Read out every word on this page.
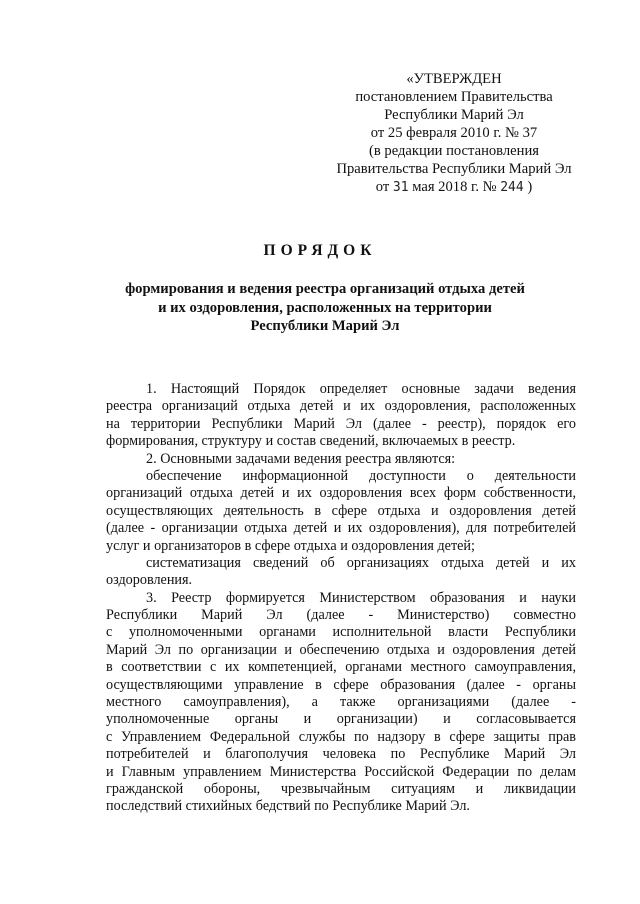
«УТВЕРЖДЕН
постановлением Правительства
Республики Марий Эл
от 25 февраля 2010 г. № 37
(в редакции постановления
Правительства Республики Марий Эл
от 31 мая 2018 г. № 244 )
ПОРЯДОК
формирования и ведения реестра организаций отдыха детей
и их оздоровления, расположенных на территории
Республики Марий Эл
1. Настоящий Порядок определяет основные задачи ведения
реестра организаций отдыха детей и их оздоровления, расположенных
на территории Республики Марий Эл (далее - реестр), порядок его
формирования, структуру и состав сведений, включаемых в реестр.
2. Основными задачами ведения реестра являются:
обеспечение информационной доступности о деятельности
организаций отдыха детей и их оздоровления всех форм собственности,
осуществляющих деятельность в сфере отдыха и оздоровления детей
(далее - организации отдыха детей и их оздоровления), для потребителей
услуг и организаторов в сфере отдыха и оздоровления детей;
систематизация сведений об организациях отдыха детей и их
оздоровления.
3. Реестр формируется Министерством образования и науки
Республики Марий Эл (далее - Министерство) совместно
с уполномоченными органами исполнительной власти Республики
Марий Эл по организации и обеспечению отдыха и оздоровления детей
в соответствии с их компетенцией, органами местного самоуправления,
осуществляющими управление в сфере образования (далее - органы
местного самоуправления), а также организациями (далее -
уполномоченные органы и организации) и согласовывается
с Управлением Федеральной службы по надзору в сфере защиты прав
потребителей и благополучия человека по Республике Марий Эл
и Главным управлением Министерства Российской Федерации по делам
гражданской обороны, чрезвычайным ситуациям и ликвидации
последствий стихийных бедствий по Республике Марий Эл.
